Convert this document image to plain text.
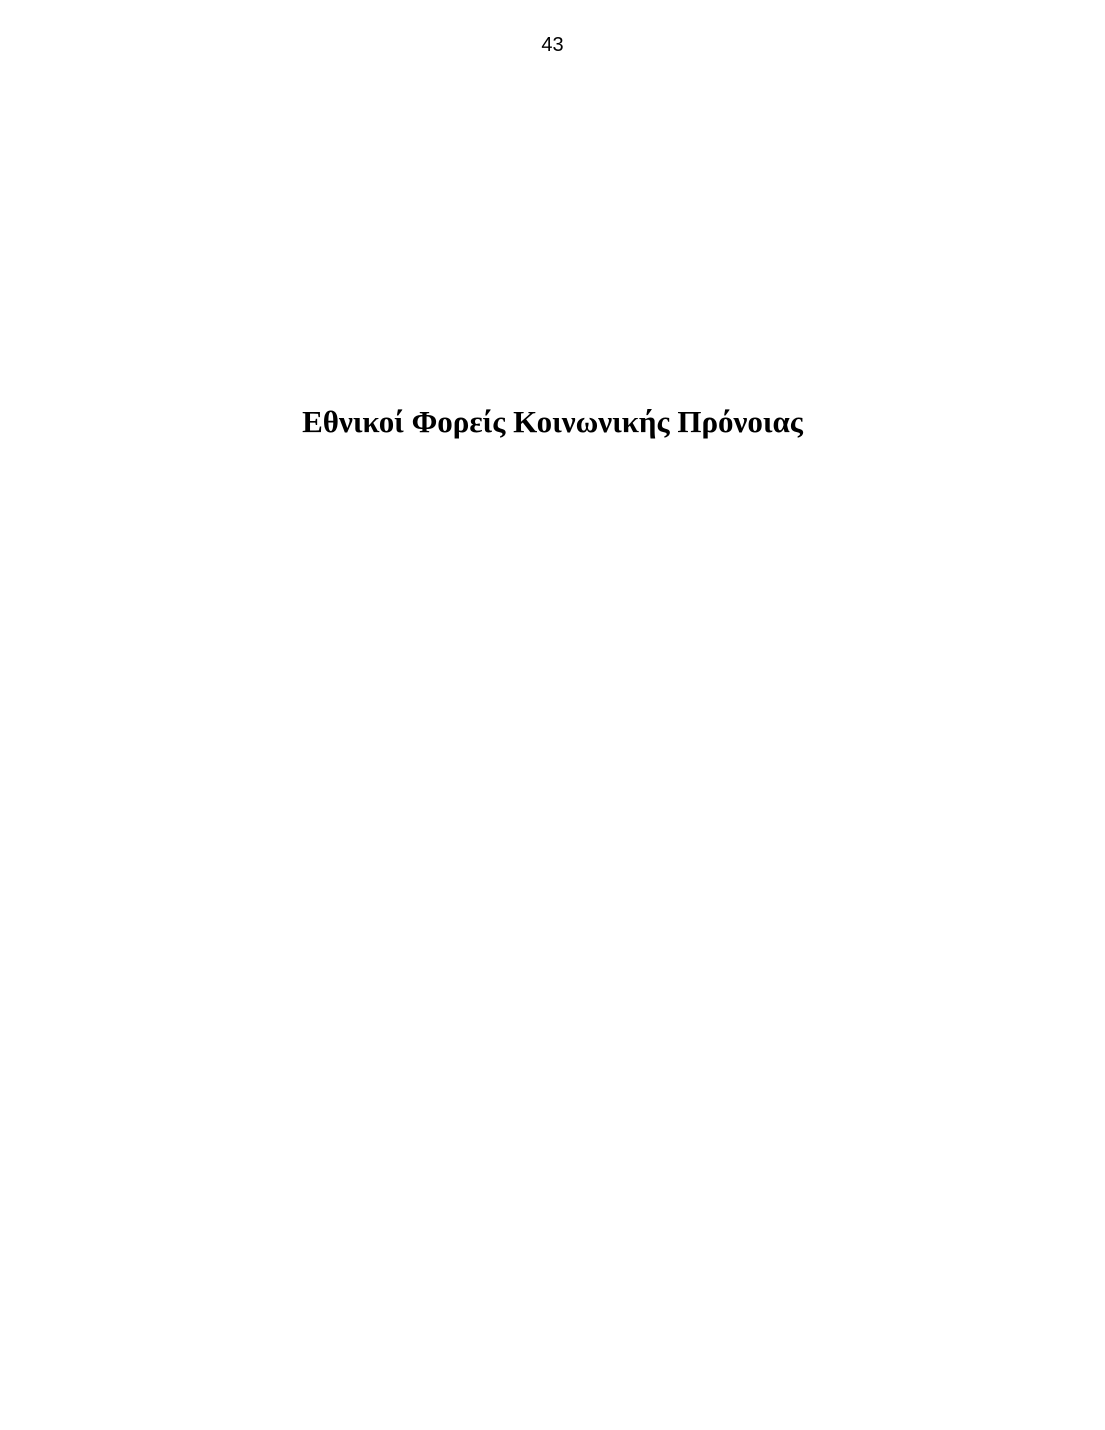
43
Εθνικοί Φορείς Κοινωνικής Πρόνοιας
